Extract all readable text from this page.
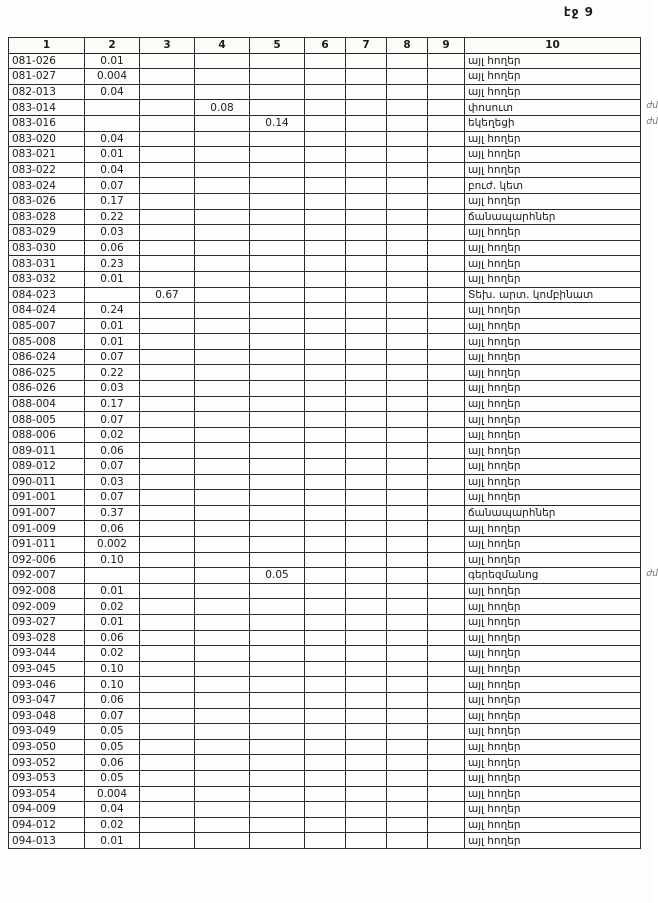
էջ 9
1	2	3	4	5	6	7	8	9	10
081-026	0.01								այլ հողեր
081-027	0.004								այլ հողեր
082-013	0.04								այլ հողեր
083-014			0.08						փոսուտ ժմ

083-016				0.14					եկեղեցի ժմ

083-020	0.04								այլ հողեր
083-021	0.01								այլ հողեր
083-022	0.04								այլ հողեր
083-024	0.07								բուժ. կետ
083-026	0.17								այլ հողեր
083-028	0.22								ճանապարհներ
083-029	0.03								այլ հողեր
083-030	0.06								այլ հողեր
083-031	0.23								այլ հողեր
083-032	0.01								այլ հողեր
084-023		0.67							Տեխ. արտ. կոմբինատ
084-024	0.24								այլ հողեր
085-007	0.01								այլ հողեր
085-008	0.01								այլ հողեր
086-024	0.07								այլ հողեր
086-025	0.22								այլ հողեր
086-026	0.03								այլ հողեր
088-004	0.17								այլ հողեր
088-005	0.07								այլ հողեր
088-006	0.02								այլ հողեր
089-011	0.06								այլ հողեր
089-012	0.07								այլ հողեր
090-011	0.03								այլ հողեր
091-001	0.07								այլ հողեր
091-007	0.37								ճանապարհներ
091-009	0.06								այլ հողեր
091-011	0.002								այլ հողեր
092-006	0.10								այլ հողեր
092-007				0.05					գերեզմանոց ժմ

092-008	0.01								այլ հողեր
092-009	0.02								այլ հողեր
093-027	0.01								այլ հողեր
093-028	0.06								այլ հողեր
093-044	0.02								այլ հողեր
093-045	0.10								այլ հողեր
093-046	0.10								այլ հողեր
093-047	0.06								այլ հողեր
093-048	0.07								այլ հողեր
093-049	0.05								այլ հողեր
093-050	0.05								այլ հողեր
093-052	0.06								այլ հողեր
093-053	0.05								այլ հողեր
093-054	0.004								այլ հողեր
094-009	0.04								այլ հողեր
094-012	0.02								այլ հողեր
094-013	0.01								այլ հողեր
